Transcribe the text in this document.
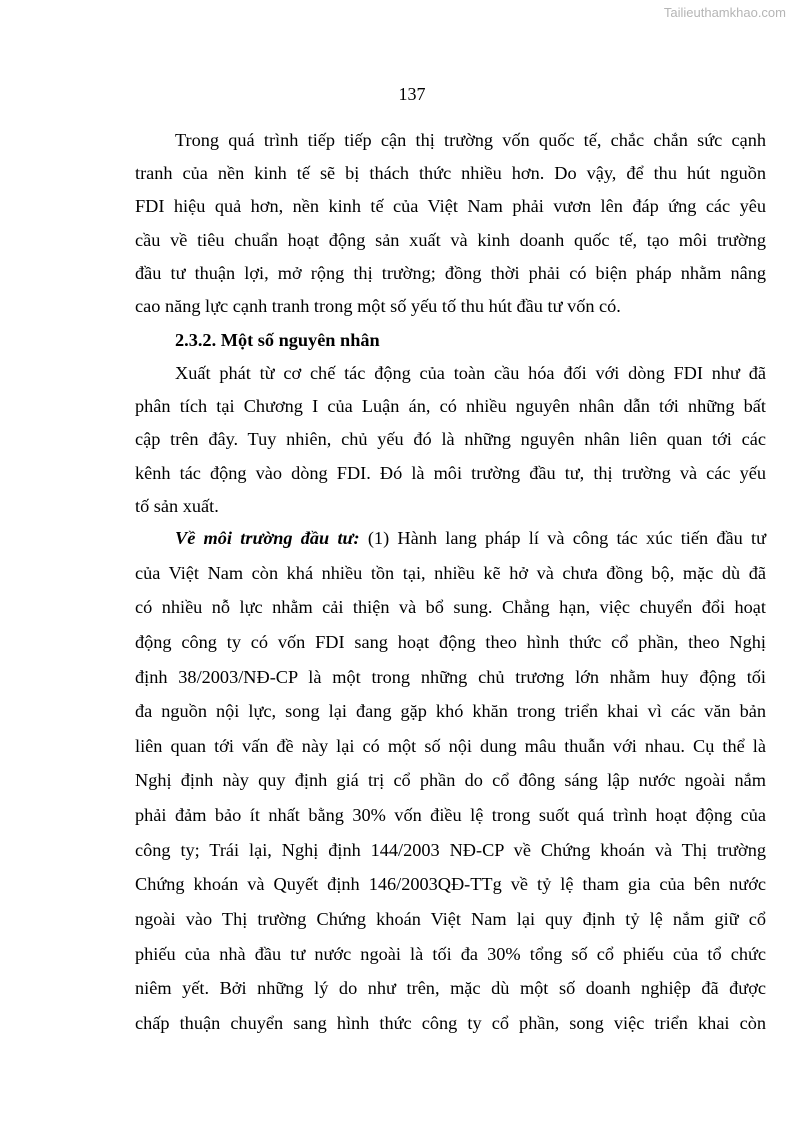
Tailieuthamkhao.com
137
Trong quá trình tiếp tiếp cận thị trường vốn quốc tế, chắc chắn sức cạnh
tranh của nền kinh tế sẽ bị thách thức nhiều hơn. Do vậy, để thu hút nguồn
FDI hiệu quả hơn, nền kinh tế của Việt Nam phải vươn lên đáp ứng các yêu
cầu về tiêu chuẩn hoạt động sản xuất và kinh doanh quốc tế, tạo môi trường
đầu tư thuận lợi, mở rộng thị trường; đồng thời phải có biện pháp nhằm nâng
cao năng lực cạnh tranh trong một số yếu tố thu hút đầu tư vốn có.
2.3.2. Một số nguyên nhân
Xuất phát từ cơ chế tác động của toàn cầu hóa đối với dòng FDI như đã
phân tích tại Chương I của Luận án, có nhiều nguyên nhân dẫn tới những bất
cập trên đây. Tuy nhiên, chủ yếu đó là những nguyên nhân liên quan tới các
kênh tác động vào dòng FDI. Đó là môi trường đầu tư, thị trường và các yếu
tố sản xuất.
Về môi trường đầu tư: (1) Hành lang pháp lí và công tác xúc tiến đầu tư
của Việt Nam còn khá nhiều tồn tại, nhiều kẽ hở và chưa đồng bộ, mặc dù đã
có nhiều nỗ lực nhằm cải thiện và bổ sung. Chẳng hạn, việc chuyển đổi hoạt
động công ty có vốn FDI sang hoạt động theo hình thức cổ phần, theo Nghị
định 38/2003/NĐ-CP là một trong những chủ trương lớn nhằm huy động tối
đa nguồn nội lực, song lại đang gặp khó khăn trong triển khai vì các văn bản
liên quan tới vấn đề này lại có một số nội dung mâu thuẫn với nhau. Cụ thể là
Nghị định này quy định giá trị cổ phần do cổ đông sáng lập nước ngoài nắm
phải đảm bảo ít nhất bằng 30% vốn điều lệ trong suốt quá trình hoạt động của
công ty; Trái lại, Nghị định 144/2003 NĐ-CP về Chứng khoán và Thị trường
Chứng khoán và Quyết định 146/2003QĐ-TTg về tỷ lệ tham gia của bên nước
ngoài vào Thị trường Chứng khoán Việt Nam lại quy định tỷ lệ nắm giữ cổ
phiếu của nhà đầu tư nước ngoài là tối đa 30% tổng số cổ phiếu của tổ chức
niêm yết. Bởi những lý do như trên, mặc dù một số doanh nghiệp đã được
chấp thuận chuyển sang hình thức công ty cổ phần, song việc triển khai còn
